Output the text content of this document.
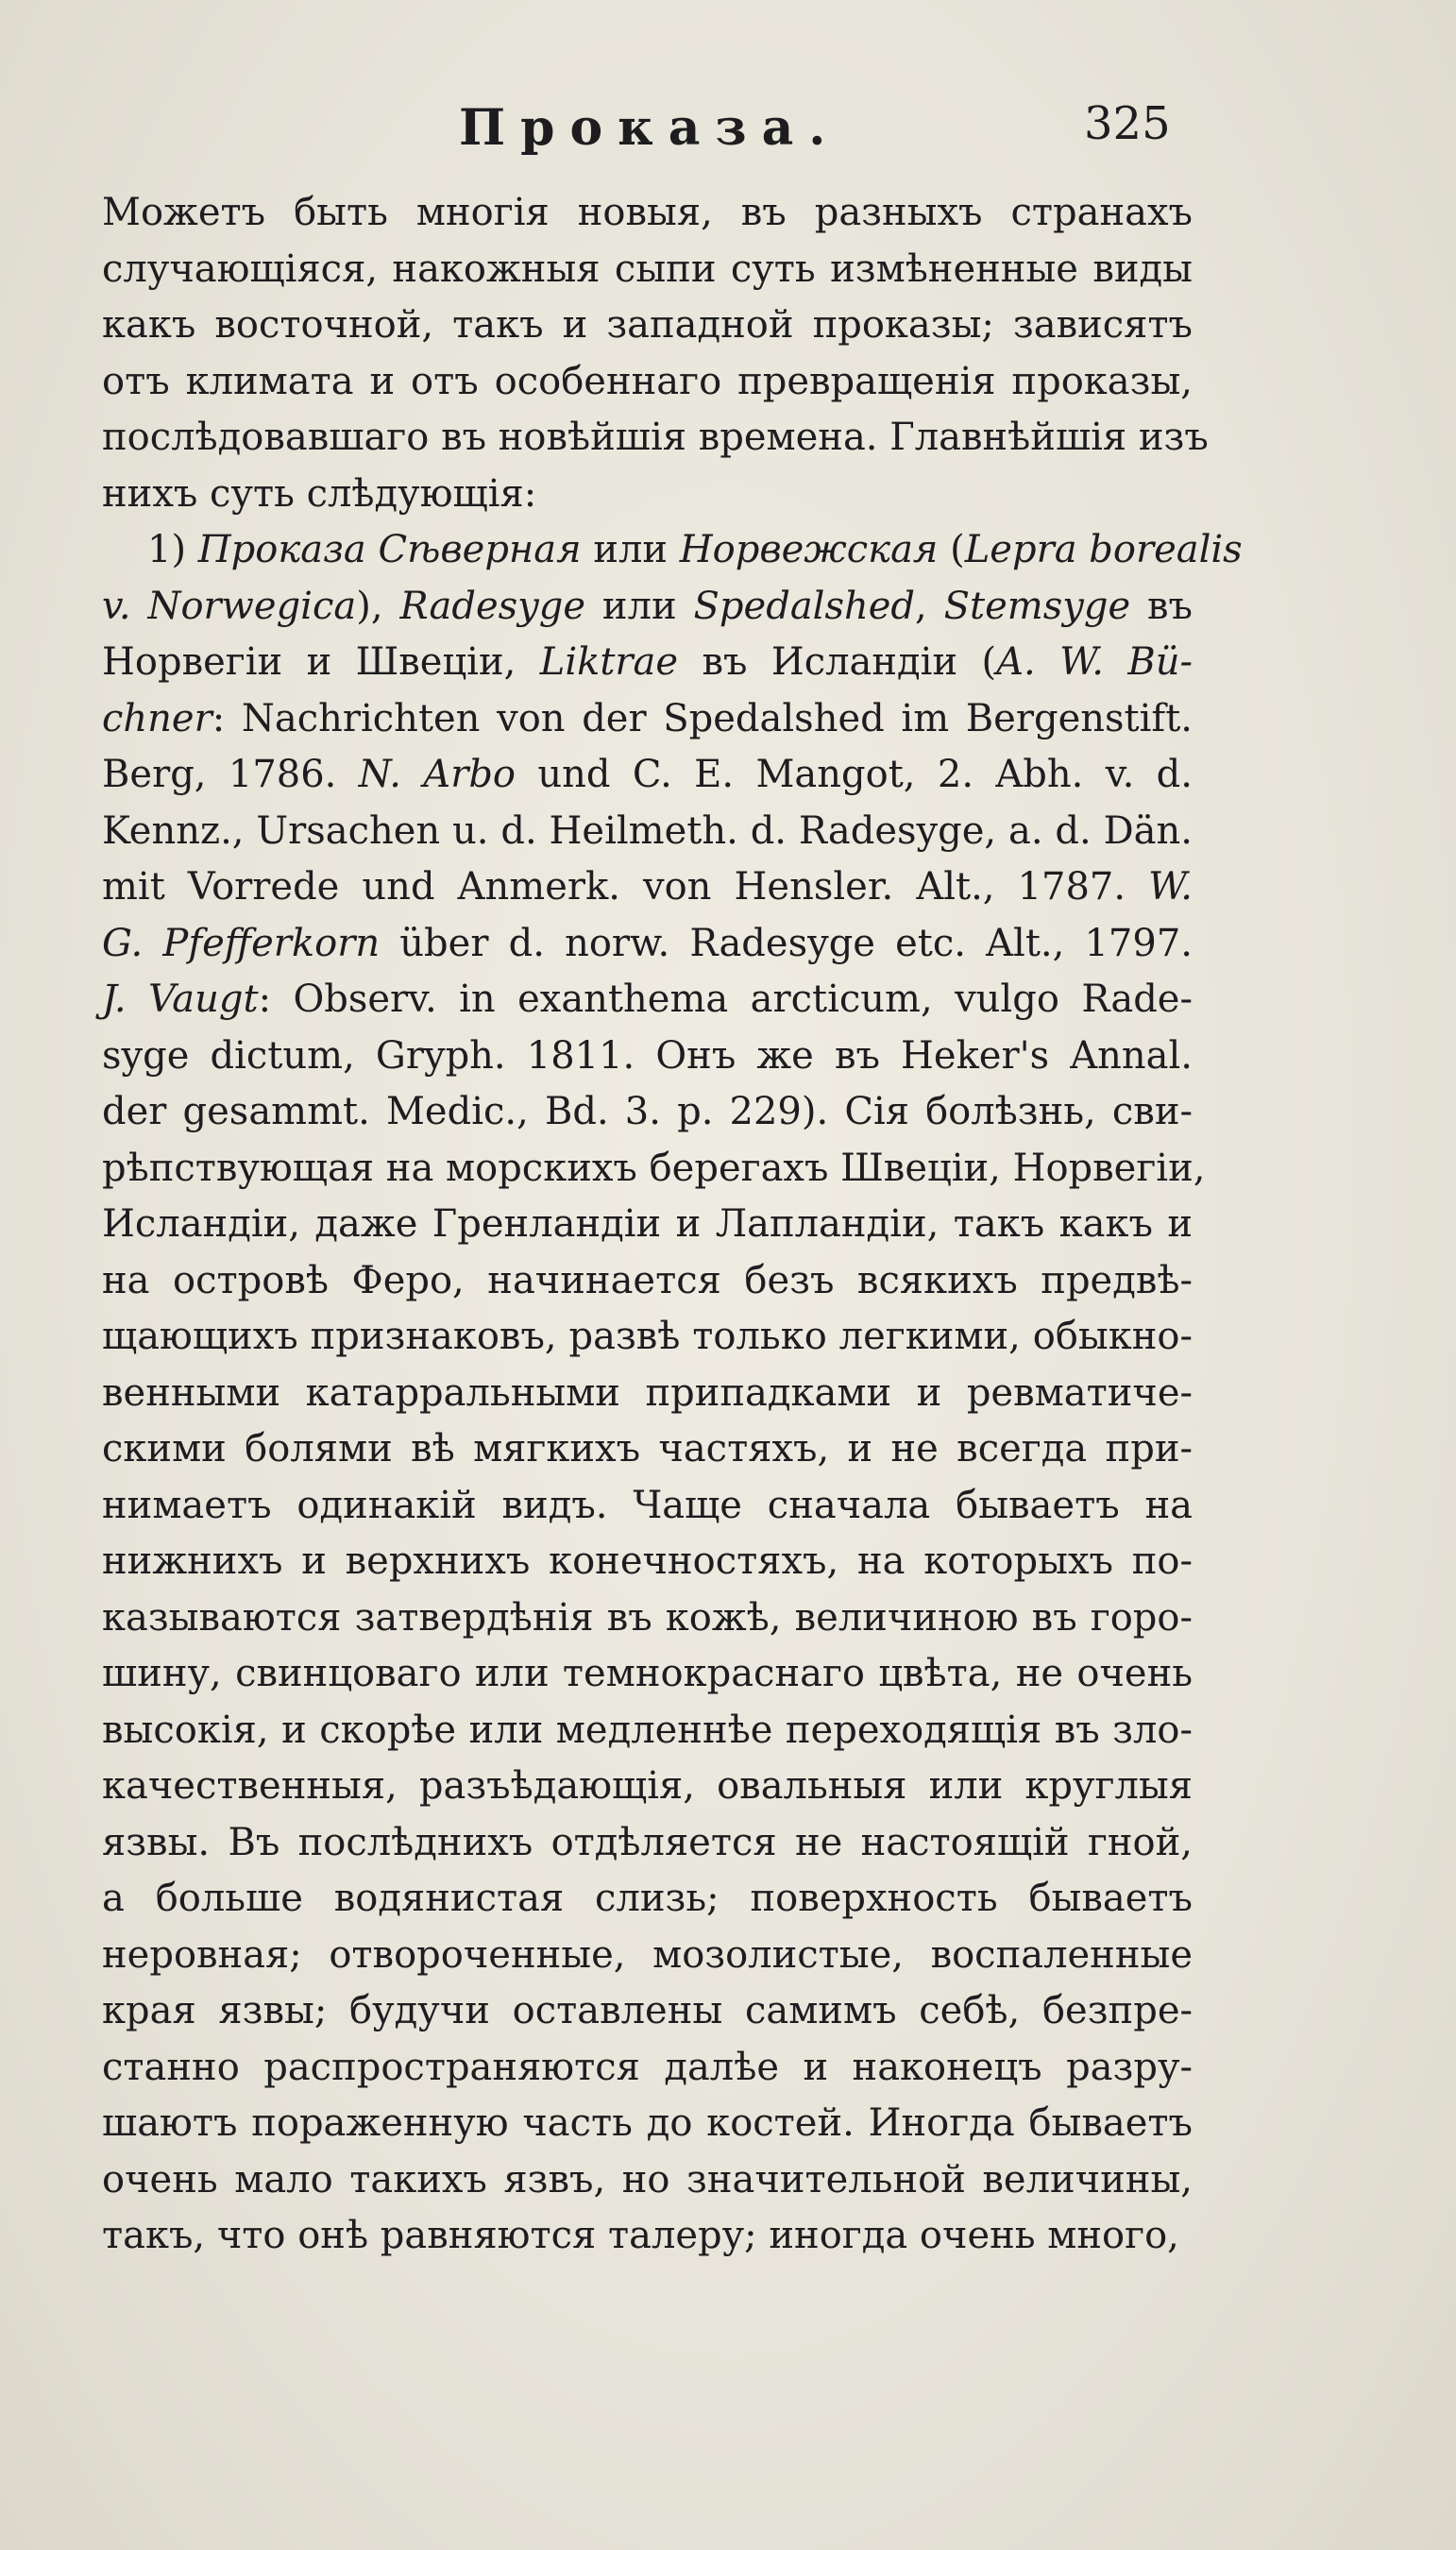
Проказа.	325
Можетъ быть многія новыя, въ разныхъ странахъ
случающіяся, накожныя сыпи суть измѣненные виды
какъ восточной, такъ и западной проказы; зависятъ
отъ климата и отъ особеннаго превращенія проказы,
послѣдовавшаго въ новѣйшія времена. Главнѣйшія изъ
нихъ суть слѣдующія:
1) Проказа Сѣверная или Норвежская (Lepra borealis
v. Norwegica), Radesyge или Spedalshed, Stemsyge въ
Норвегіи и Швеціи, Liktrae въ Исландіи (A. W. Bü-
chner: Nachrichten von der Spedalshed im Bergenstift.
Berg, 1786. N. Arbo und C. E. Mangot, 2. Abh. v. d.
Kennz., Ursachen u. d. Heilmeth. d. Radesyge, a. d. Dän.
mit Vorrede und Anmerk. von Hensler. Alt., 1787. W.
G. Pfefferkorn über d. norw. Radesyge etc. Alt., 1797.
J. Vaugt: Observ. in exanthema arcticum, vulgo Rade-
syge dictum, Gryph. 1811. Онъ же въ Heker's Annal.
der gesammt. Medic., Bd. 3. p. 229). Сія болѣзнь, сви-
рѣпствующая на морскихъ берегахъ Швеціи, Норвегіи,
Исландіи, даже Гренландіи и Лапландіи, такъ какъ и
на островѣ Феро, начинается безъ всякихъ предвѣ-
щающихъ признаковъ, развѣ только легкими, обыкно-
венными катарральными припадками и ревматиче-
скими болями вѣ мягкихъ частяхъ, и не всегда при-
нимаетъ одинакій видъ. Чаще сначала бываетъ на
нижнихъ и верхнихъ конечностяхъ, на которыхъ по-
казываются затвердѣнія въ кожѣ, величиною въ горо-
шину, свинцоваго или темнокраснаго цвѣта, не очень
высокія, и скорѣе или медленнѣе переходящія въ зло-
качественныя, разъѣдающія, овальныя или круглыя
язвы. Въ послѣднихъ отдѣляется не настоящій гной,
а больше водянистая слизь; поверхность бываетъ
неровная; отвороченные, мозолистые, воспаленные
края язвы; будучи оставлены самимъ себѣ, безпре-
станно распространяются далѣе и наконецъ разру-
шаютъ пораженную часть до костей. Иногда бываетъ
очень мало такихъ язвъ, но значительной величины,
такъ, что онѣ равняются талеру; иногда очень много,
